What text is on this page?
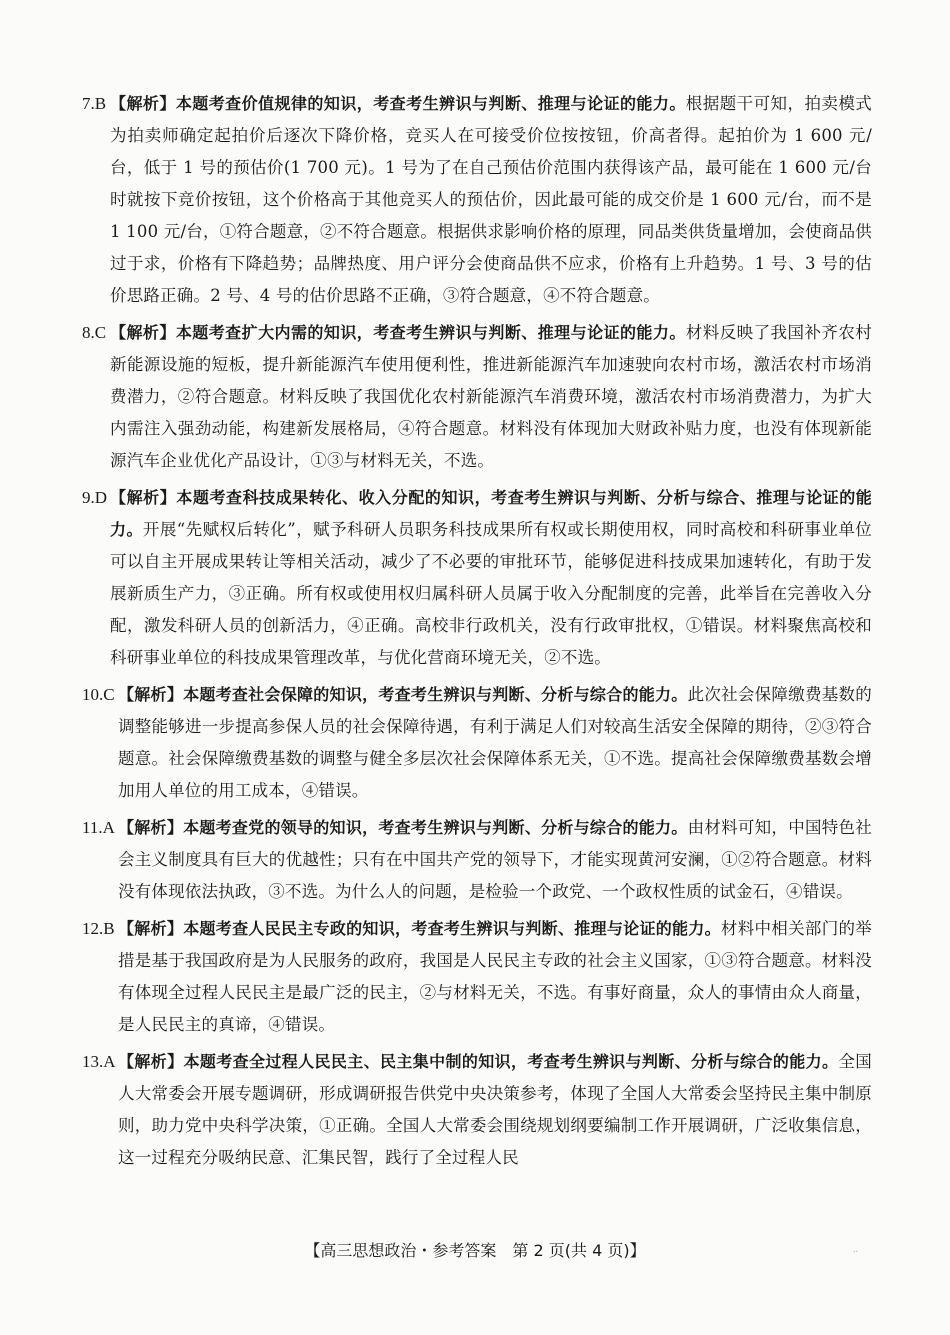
7.B 【解析】本题考查价值规律的知识，考查考生辨识与判断、推理与论证的能力。根据题干可知，拍卖模式为拍卖师确定起拍价后逐次下降价格，竞买人在可接受价位按按钮，价高者得。起拍价为 1 600 元/台，低于 1 号的预估价(1 700 元)。1 号为了在自己预估价范围内获得该产品，最可能在 1 600 元/台时就按下竞价按钮，这个价格高于其他竞买人的预估价，因此最可能的成交价是 1 600 元/台，而不是 1 100 元/台，①符合题意，②不符合题意。根据供求影响价格的原理，同品类供货量增加，会使商品供过于求，价格有下降趋势；品牌热度、用户评分会使商品供不应求，价格有上升趋势。1 号、3 号的估价思路正确。2 号、4 号的估价思路不正确，③符合题意，④不符合题意。
8.C 【解析】本题考查扩大内需的知识，考查考生辨识与判断、推理与论证的能力。材料反映了我国补齐农村新能源设施的短板，提升新能源汽车使用便利性，推进新能源汽车加速驶向农村市场，激活农村市场消费潜力，②符合题意。材料反映了我国优化农村新能源汽车消费环境，激活农村市场消费潜力，为扩大内需注入强劲动能，构建新发展格局，④符合题意。材料没有体现加大财政补贴力度，也没有体现新能源汽车企业优化产品设计，①③与材料无关，不选。
9.D 【解析】本题考查科技成果转化、收入分配的知识，考查考生辨识与判断、分析与综合、推理与论证的能力。开展“先赋权后转化”，赋予科研人员职务科技成果所有权或长期使用权，同时高校和科研事业单位可以自主开展成果转让等相关活动，减少了不必要的审批环节，能够促进科技成果加速转化，有助于发展新质生产力，③正确。所有权或使用权归属科研人员属于收入分配制度的完善，此举旨在完善收入分配，激发科研人员的创新活力，④正确。高校非行政机关，没有行政审批权，①错误。材料聚焦高校和科研事业单位的科技成果管理改革，与优化营商环境无关，②不选。
10.C 【解析】本题考查社会保障的知识，考查考生辨识与判断、分析与综合的能力。此次社会保障缴费基数的调整能够进一步提高参保人员的社会保障待遇，有利于满足人们对较高生活安全保障的期待，②③符合题意。社会保障缴费基数的调整与健全多层次社会保障体系无关，①不选。提高社会保障缴费基数会增加用人单位的用工成本，④错误。
11.A 【解析】本题考查党的领导的知识，考查考生辨识与判断、分析与综合的能力。由材料可知，中国特色社会主义制度具有巨大的优越性；只有在中国共产党的领导下，才能实现黄河安澜，①②符合题意。材料没有体现依法执政，③不选。为什么人的问题，是检验一个政党、一个政权性质的试金石，④错误。
12.B 【解析】本题考查人民民主专政的知识，考查考生辨识与判断、推理与论证的能力。材料中相关部门的举措是基于我国政府是为人民服务的政府，我国是人民民主专政的社会主义国家，①③符合题意。材料没有体现全过程人民民主是最广泛的民主，②与材料无关，不选。有事好商量，众人的事情由众人商量，是人民民主的真谛，④错误。
13.A 【解析】本题考查全过程人民民主、民主集中制的知识，考查考生辨识与判断、分析与综合的能力。全国人大常委会开展专题调研，形成调研报告供党中央决策参考，体现了全国人大常委会坚持民主集中制原则，助力党中央科学决策，①正确。全国人大常委会围绕规划纲要编制工作开展调研，广泛收集信息，这一过程充分吸纳民意、汇集民智，践行了全过程人民
【高三思想政治・参考答案　第 2 页(共 4 页)】	..
